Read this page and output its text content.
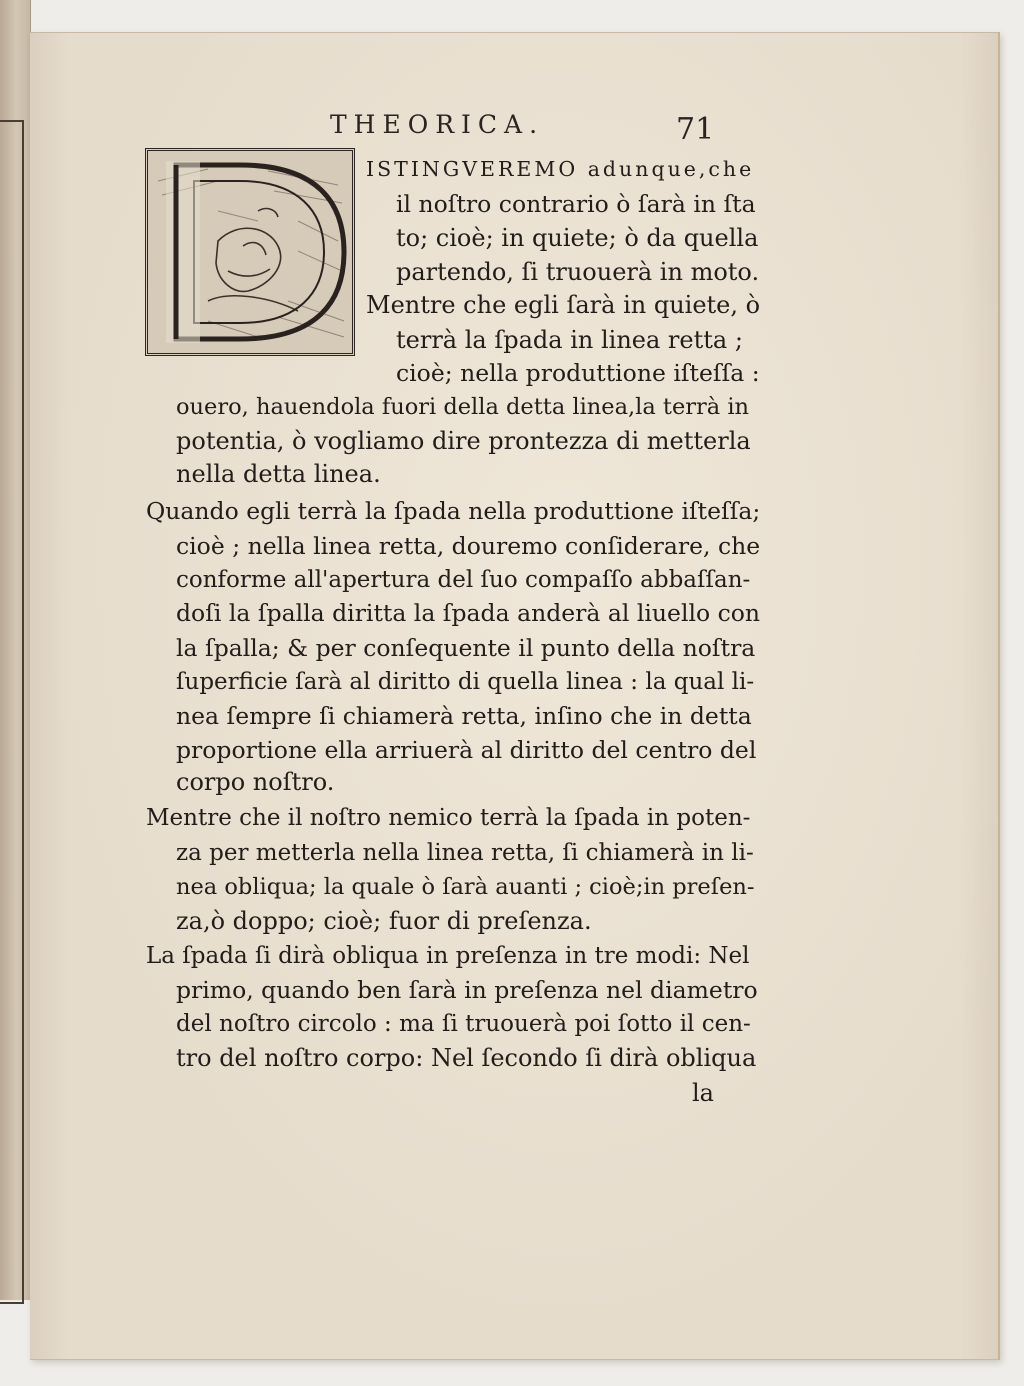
THEORICA.	71
ISTINGVEREMO adunque,che
il noſtro contrario ò ſarà in ſta
to; cioè; in quiete; ò da quella
partendo, ſi truouerà in moto.
Mentre che egli ſarà in quiete, ò
terrà la ſpada in linea retta ;
cioè; nella produttione iſteſſa :
ouero, hauendola fuori della detta linea,la terrà in
potentia, ò vogliamo dire prontezza di metterla
nella detta linea.
Quando egli terrà la ſpada nella produttione iſteſſa;
cioè ; nella linea retta, douremo conſiderare, che
conforme all'apertura del ſuo compaſſo abbaſſan-
doſi la ſpalla diritta la ſpada anderà al liuello con
la ſpalla; & per conſequente il punto della noſtra
ſuperficie ſarà al diritto di quella linea : la qual li-
nea ſempre ſi chiamerà retta, inſino che in detta
proportione ella arriuerà al diritto del centro del
corpo noſtro.
Mentre che il noſtro nemico terrà la ſpada in poten-
za per metterla nella linea retta, ſi chiamerà in li-
nea obliqua; la quale ò ſarà auanti ; cioè;in preſen-
za,ò doppo; cioè; fuor di preſenza.
La ſpada ſi dirà obliqua in preſenza in tre modi: Nel
primo, quando ben ſarà in preſenza nel diametro
del noſtro circolo : ma ſi truouerà poi ſotto il cen-
tro del noſtro corpo: Nel ſecondo ſi dirà obliqua
la
